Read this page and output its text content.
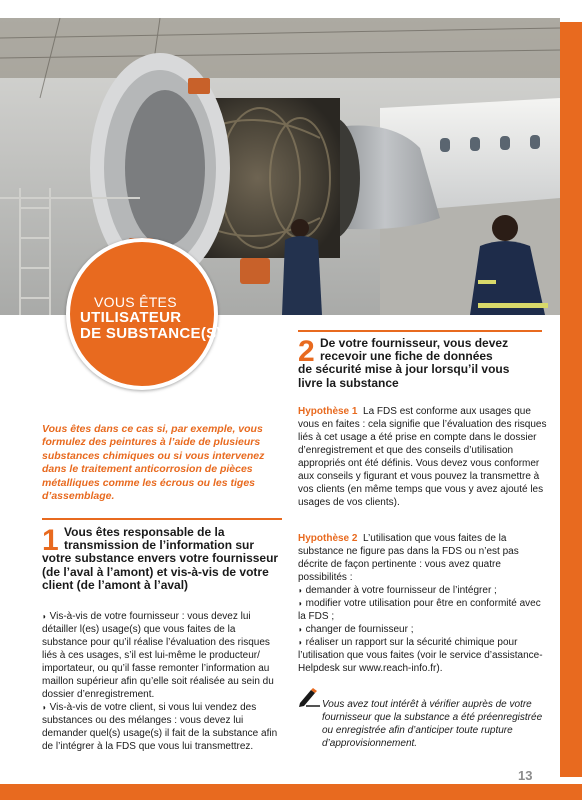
VOUS ÊTES
UTILISATEUR
DE SUBSTANCE(S)
Vous êtes dans ce cas si, par exemple, vous formulez des peintures à l’aide de plusieurs substances chimiques ou si vous intervenez dans le traitement anticorrosion de pièces métalliques comme les écrous ou les tiges d’assemblage.
1 Vous êtes responsable de la
transmission de l’information sur
votre substance envers votre fournisseur
(de l’aval à l’amont) et vis-à-vis de votre
client (de l’amont à l’aval)

◗ Vis-à-vis de votre fournisseur : vous devez lui détailler l(es) usage(s) que vous faites de la substance pour qu’il réalise l’évaluation des risques liés à ces usages, s’il est lui-même le producteur/ importateur, ou qu’il fasse remonter l’information au maillon supérieur afin qu’elle soit réalisée au sein du dossier d’enregistrement.

◗ Vis-à-vis de votre client, si vous lui vendez des substances ou des mélanges : vous devez lui demander quel(s) usage(s) il fait de la substance afin de l’intégrer à la FDS que vous lui transmettrez.

2 De votre fournisseur, vous devez
recevoir une fiche de données
de sécurité mise à jour lorsqu’il vous
livre la substance

Hypothèse 1 La FDS est conforme aux usages que vous en faites : cela signifie que l’évaluation des risques liés à cet usage a été prise en compte dans le dossier d’enregistrement et que des conseils d’utilisation appropriés ont été définis. Vous devez vous conformer aux conseils y figurant et vous pouvez la transmettre à vos clients (en même temps que vous y avez ajouté les usages de vos clients).

Hypothèse 2 L’utilisation que vous faites de la substance ne figure pas dans la FDS ou n’est pas décrite de façon pertinente : vous avez quatre possibilités :

◗ demander à votre fournisseur de l’intégrer ;

◗ modifier votre utilisation pour être en conformité avec la FDS ;

◗ changer de fournisseur ;

◗ réaliser un rapport sur la sécurité chimique pour l’utilisation que vous faites (voir le service d’assistance-Helpdesk sur www.reach-info.fr).

Vous avez tout intérêt à vérifier auprès de votre fournisseur que la substance a été préenregistrée ou enregistrée afin d’anticiper toute rupture d’approvisionnement.
13
